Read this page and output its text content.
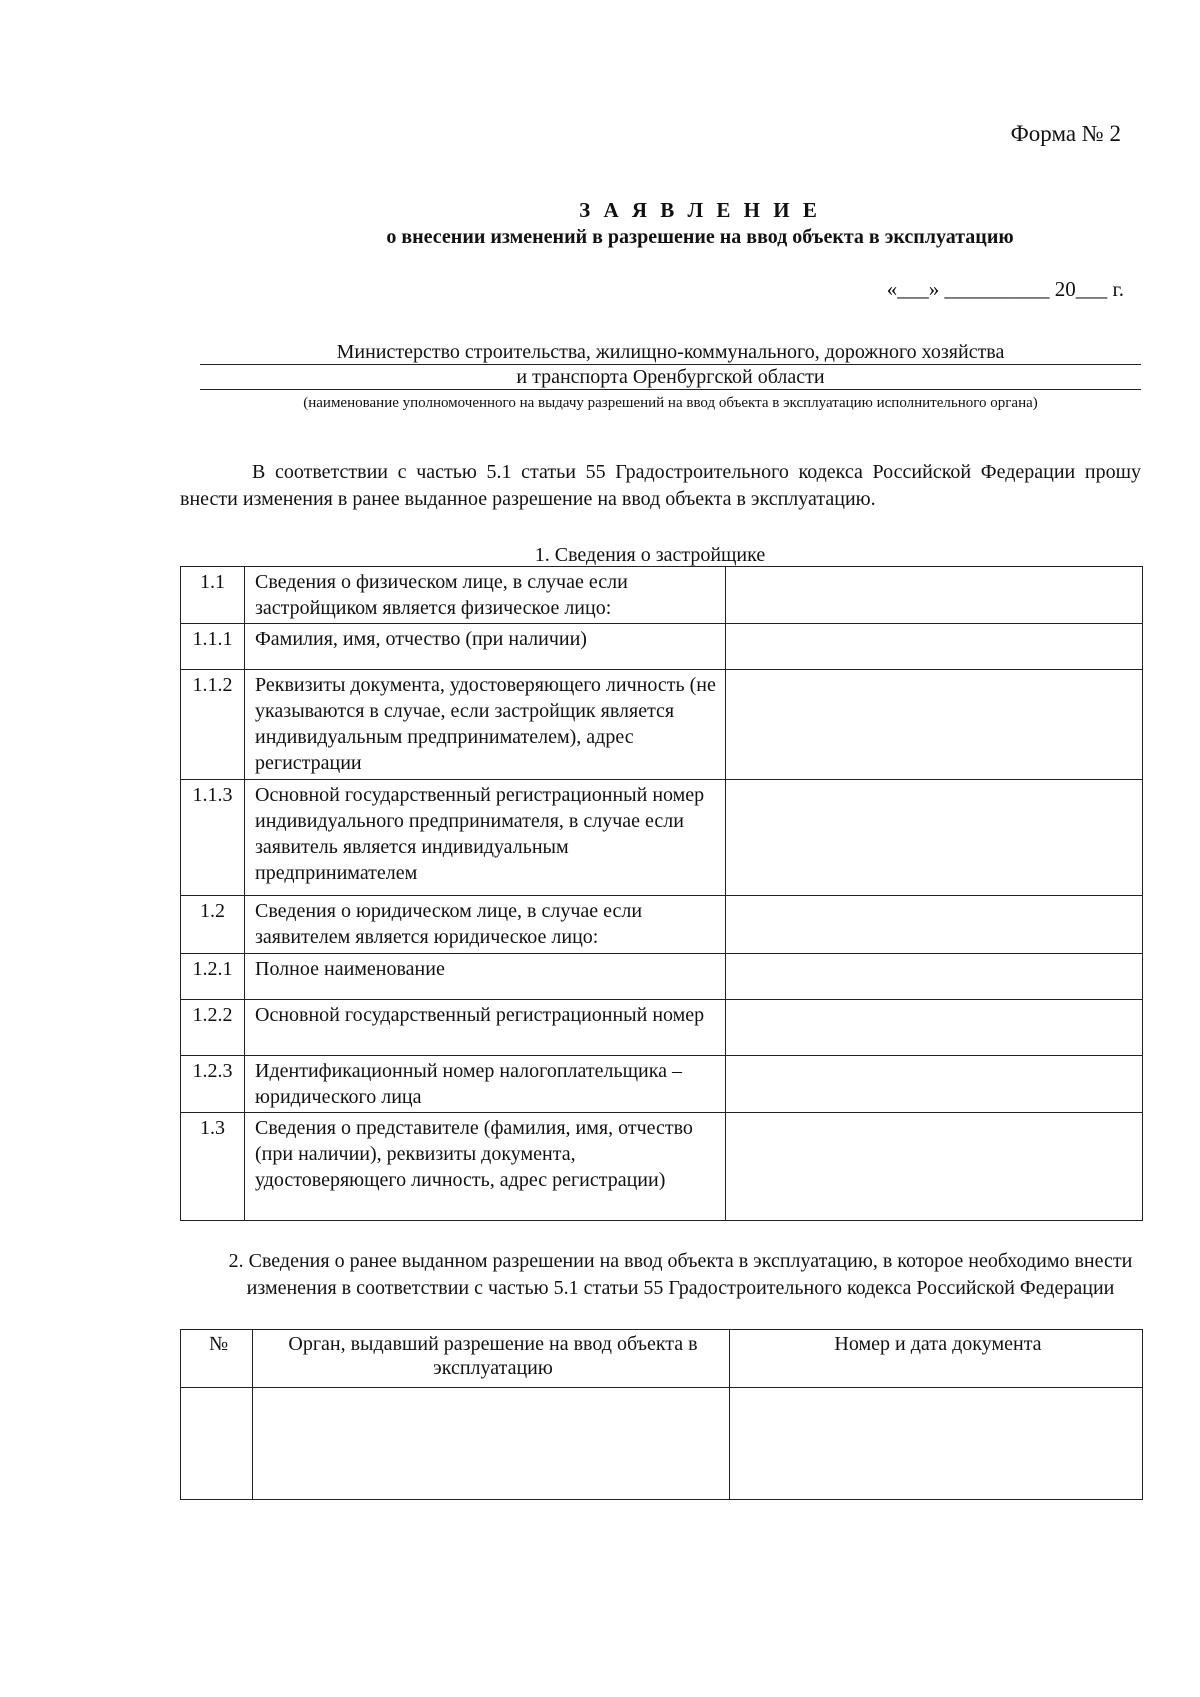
Форма № 2
З А Я В Л Е Н И Е
о внесении изменений в разрешение на ввод объекта в эксплуатацию
«___» __________ 20___ г.
Министерство строительства, жилищно-коммунального, дорожного хозяйства
и транспорта Оренбургской области
(наименование уполномоченного на выдачу разрешений на ввод объекта в эксплуатацию исполнительного органа)
В соответствии с частью 5.1 статьи 55 Градостроительного кодекса Российской Федерации прошу внести изменения в ранее выданное разрешение на ввод объекта в эксплуатацию.
1. Сведения о застройщике
1.1	Сведения о физическом лице, в случае если застройщиком является физическое лицо:	
1.1.1	Фамилия, имя, отчество (при наличии)	
1.1.2	Реквизиты документа, удостоверяющего личность (не указываются в случае, если застройщик является индивидуальным предпринимателем), адрес регистрации	
1.1.3	Основной государственный регистрационный номер индивидуального предпринимателя, в случае если заявитель является индивидуальным предпринимателем	
1.2	Сведения о юридическом лице, в случае если заявителем является юридическое лицо:	
1.2.1	Полное наименование	
1.2.2	Основной государственный регистрационный номер	
1.2.3	Идентификационный номер налогоплательщика – юридического лица	
1.3	Сведения о представителе (фамилия, имя, отчество (при наличии), реквизиты документа, удостоверяющего личность, адрес регистрации)	
2. Сведения о ранее выданном разрешении на ввод объекта в эксплуатацию, в которое необходимо внести изменения в соответствии с частью 5.1 статьи 55 Градостроительного кодекса Российской Федерации
№	Орган, выдавший разрешение на ввод объекта в эксплуатацию	Номер и дата документа
